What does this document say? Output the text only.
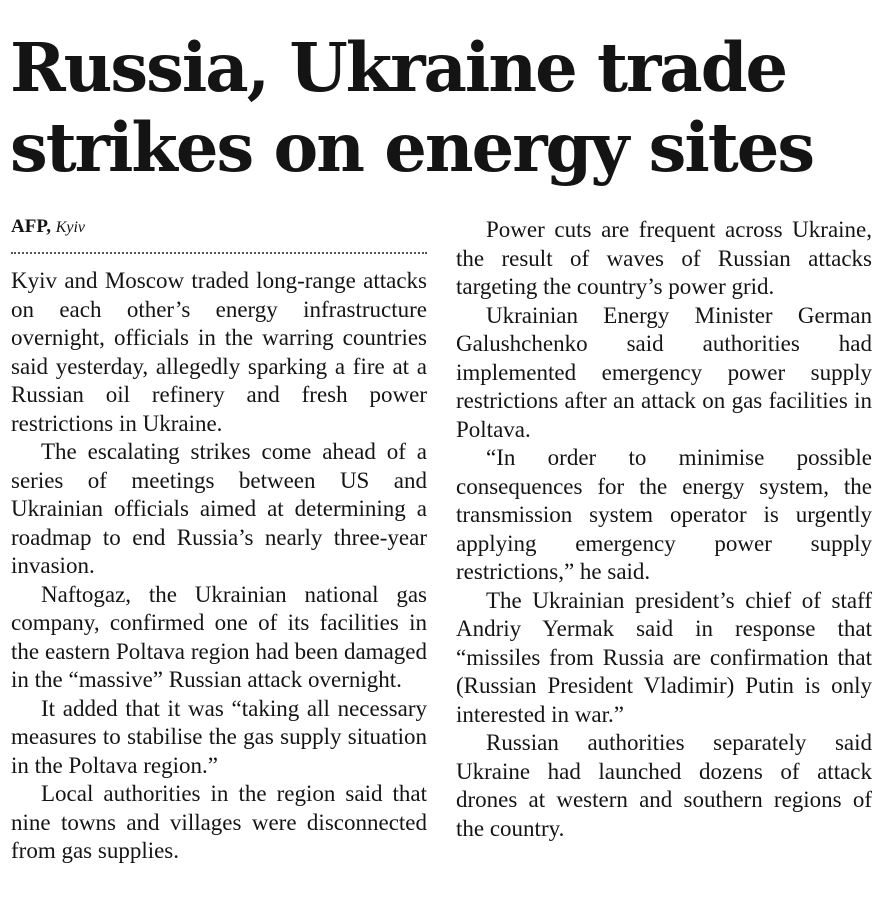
Russia, Ukraine trade
strikes on energy sites
AFP, Kyiv

Kyiv and Moscow traded long-range attacks on each other’s energy infrastructure overnight, officials in the warring countries said yesterday, allegedly sparking a fire at a Russian oil refinery and fresh power restrictions in Ukraine.

The escalating strikes come ahead of a series of meetings between US and Ukrainian officials aimed at determining a roadmap to end Russia’s nearly three-year invasion.

Naftogaz, the Ukrainian national gas company, confirmed one of its facilities in the eastern Poltava region had been damaged in the “massive” Russian attack overnight.

It added that it was “taking all necessary measures to stabilise the gas supply situation in the Poltava region.”

Local authorities in the region said that nine towns and villages were disconnected from gas supplies.

Power cuts are frequent across Ukraine, the result of waves of Russian attacks targeting the country’s power grid.

Ukrainian Energy Minister German Galushchenko said authorities had implemented emergency power supply restrictions after an attack on gas facilities in Poltava.

“In order to minimise possible consequences for the energy system, the transmission system operator is urgently applying emergency power supply restrictions,” he said.

The Ukrainian president’s chief of staff Andriy Yermak said in response that “missiles from Russia are confirmation that (Russian President Vladimir) Putin is only interested in war.”

Russian authorities separately said Ukraine had launched dozens of attack drones at western and southern regions of the country.
